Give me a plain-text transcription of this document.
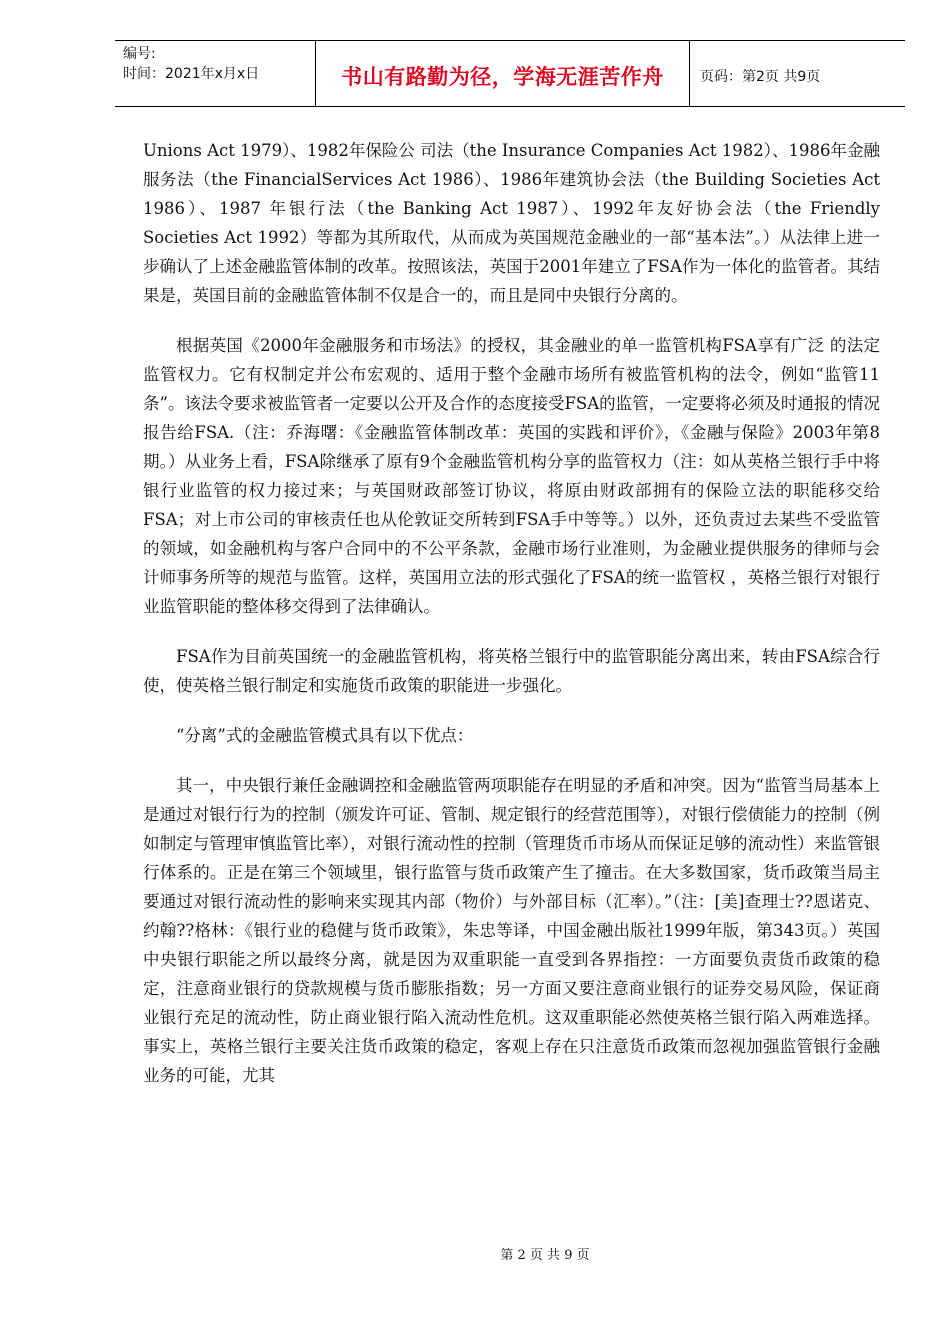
编号:
时间：2021年x月x日	书山有路勤为径，学海无涯苦作舟	页码：第2页 共9页

Unions Act 1979）、1982年保险公 司法（the Insurance Companies Act 1982）、1986年金融服务法（the FinancialServices Act 1986）、1986年建筑协会法（the Building Societies Act 1986）、1987 年银行法（the Banking Act 1987）、1992年友好协会法（the Friendly Societies Act 1992）等都为其所取代，从而成为英国规范金融业的一部“基本法”。）从法律上进一步确认了上述金融监管体制的改革。按照该法，英国于2001年建立了FSA作为一体化的监管者。其结果是，英国目前的金融监管体制不仅是合一的，而且是同中央银行分离的。

根据英国《2000年金融服务和市场法》的授权，其金融业的单一监管机构FSA享有广泛 的法定监管权力。它有权制定并公布宏观的、适用于整个金融市场所有被监管机构的法令，例如“监管11条”。该法令要求被监管者一定要以公开及合作的态度接受FSA的监管，一定要将必须及时通报的情况报告给FSA.（注：乔海曙：《金融监管体制改革：英国的实践和评价》，《金融与保险》2003年第8期。）从业务上看，FSA除继承了原有9个金融监管机构分享的监管权力（注：如从英格兰银行手中将银行业监管的权力接过来；与英国财政部签订协议，将原由财政部拥有的保险立法的职能移交给FSA；对上市公司的审核责任也从伦敦证交所转到FSA手中等等。）以外，还负责过去某些不受监管的领域，如金融机构与客户合同中的不公平条款，金融市场行业准则，为金融业提供服务的律师与会计师事务所等的规范与监管。这样，英国用立法的形式强化了FSA的统一监管权 ，英格兰银行对银行业监管职能的整体移交得到了法律确认。

FSA作为目前英国统一的金融监管机构，将英格兰银行中的监管职能分离出来，转由FSA综合行使，使英格兰银行制定和实施货币政策的职能进一步强化。

“分离”式的金融监管模式具有以下优点：

其一，中央银行兼任金融调控和金融监管两项职能存在明显的矛盾和冲突。因为“监管当局基本上是通过对银行行为的控制（颁发许可证、管制、规定银行的经营范围等），对银行偿债能力的控制（例如制定与管理审慎监管比率），对银行流动性的控制（管理货币市场从而保证足够的流动性）来监管银行体系的。正是在第三个领域里，银行监管与货币政策产生了撞击。在大多数国家，货币政策当局主要通过对银行流动性的影响来实现其内部（物价）与外部目标（汇率）。”（注：[美]查理士??恩诺克、约翰??格林：《银行业的稳健与货币政策》，朱忠等译，中国金融出版社1999年版，第343页。）英国中央银行职能之所以最终分离，就是因为双重职能一直受到各界指控：一方面要负责货币政策的稳定，注意商业银行的贷款规模与货币膨胀指数；另一方面又要注意商业银行的证券交易风险，保证商业银行充足的流动性，防止商业银行陷入流动性危机。这双重职能必然使英格兰银行陷入两难选择。事实上，英格兰银行主要关注货币政策的稳定，客观上存在只注意货币政策而忽视加强监管银行金融业务的可能，尤其

第 2 页 共 9 页
